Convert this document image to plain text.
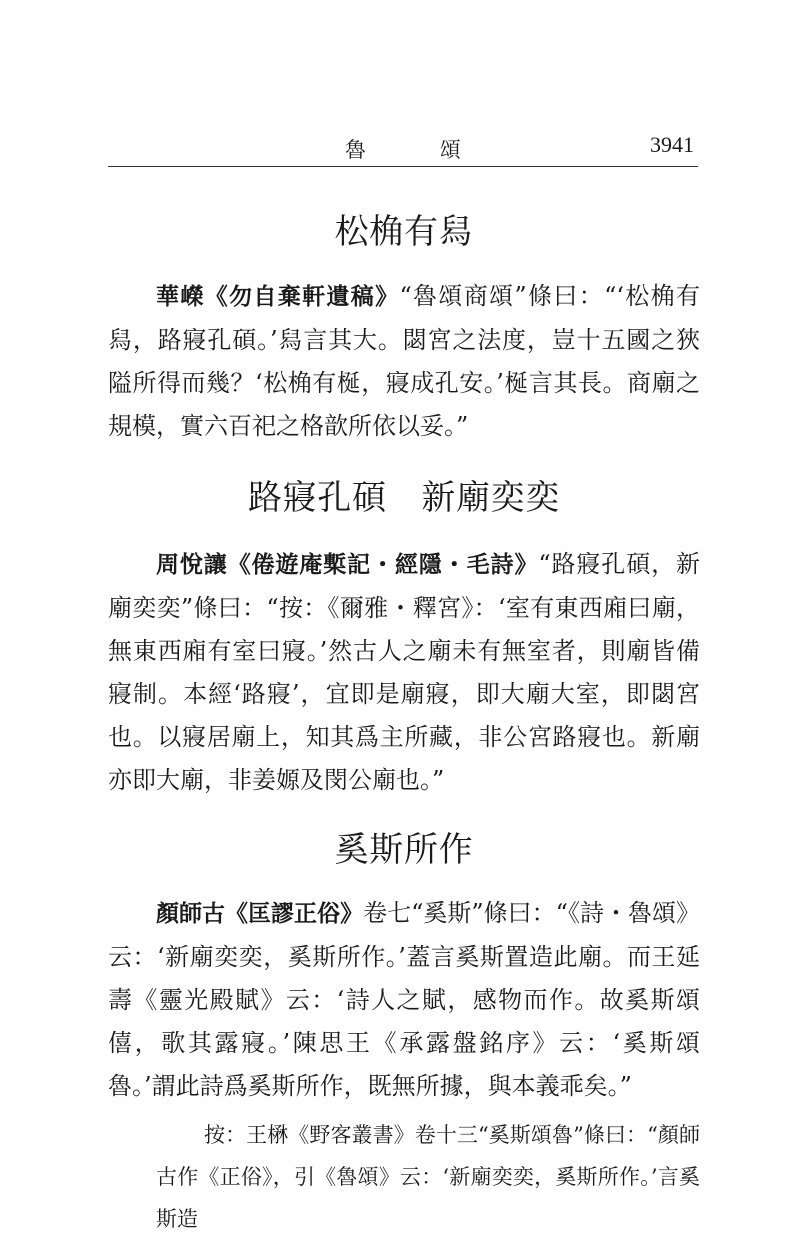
魯 頌	3941
松桷有舄

華嶸《勿自棄軒遺稿》“魯頌商頌”條曰：“‘松桷有舄，路寢孔碩。’舄言其大。閟宮之法度，豈十五國之狹隘所得而幾？‘松桷有梴，寢成孔安。’梴言其長。商廟之規模，實六百祀之格歆所依以妥。”

路寢孔碩　新廟奕奕

周悅讓《倦遊庵槧記・經隱・毛詩》“路寢孔碩，新廟奕奕”條曰：“按：《爾雅・釋宮》：‘室有東西廂曰廟，無東西廂有室曰寢。’然古人之廟未有無室者，則廟皆備寢制。本經‘路寢’，宜即是廟寢，即大廟大室，即閟宮也。以寢居廟上，知其爲主所藏，非公宮路寢也。新廟亦即大廟，非姜嫄及閔公廟也。”

奚斯所作

顏師古《匡謬正俗》卷七“奚斯”條曰：“《詩・魯頌》云：‘新廟奕奕，奚斯所作。’蓋言奚斯置造此廟。而王延壽《靈光殿賦》云：‘詩人之賦，感物而作。故奚斯頌僖，歌其露寢。’陳思王《承露盤銘序》云：‘奚斯頌魯。’謂此詩爲奚斯所作，既無所據，與本義乖矣。”

按：王楙《野客叢書》卷十三“奚斯頌魯”條曰：“顏師古作《正俗》，引《魯頌》云：‘新廟奕奕，奚斯所作。’言奚斯造
